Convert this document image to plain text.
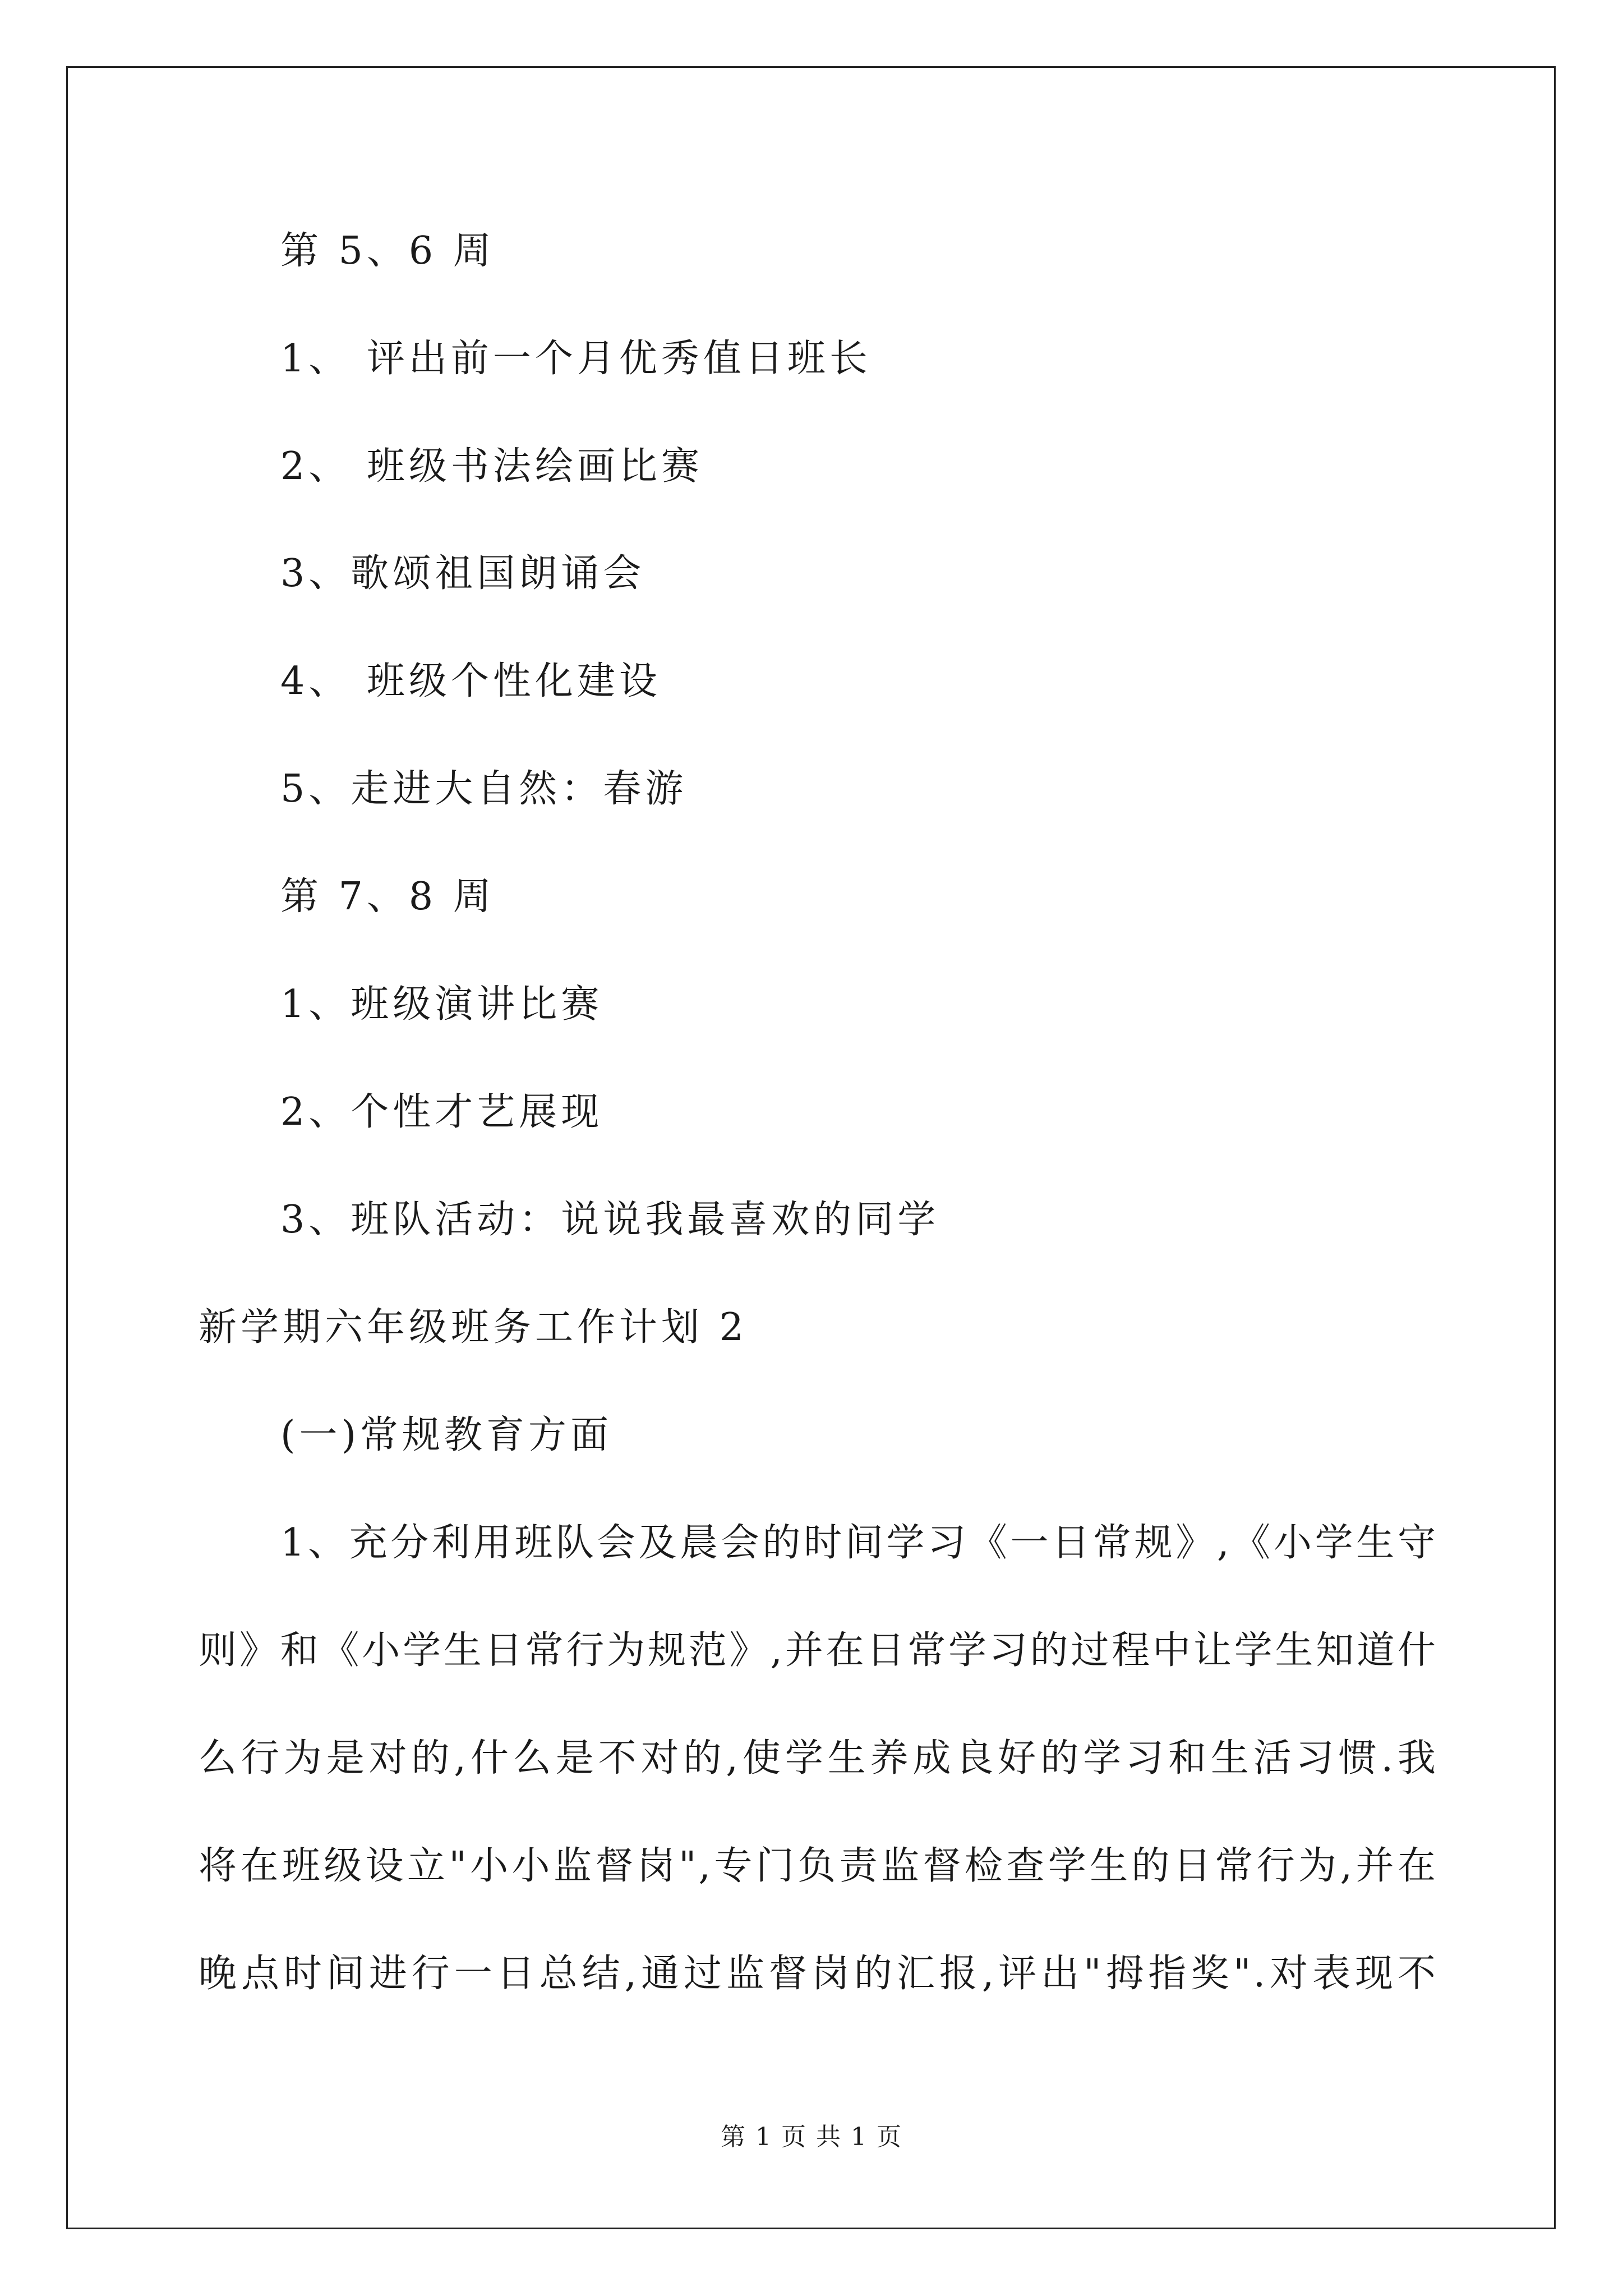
第 5、6 周

1、 评出前一个月优秀值日班长

2、 班级书法绘画比赛

3、歌颂祖国朗诵会

4、 班级个性化建设

5、走进大自然：春游

第 7、8 周

1、班级演讲比赛

2、个性才艺展现

3、班队活动：说说我最喜欢的同学

新学期六年级班务工作计划 2

(一)常规教育方面

1、充分利用班队会及晨会的时间学习《一日常规》,《小学生守

则》和《小学生日常行为规范》,并在日常学习的过程中让学生知道什

么行为是对的,什么是不对的,使学生养成良好的学习和生活习惯.我

将在班级设立"小小监督岗",专门负责监督检查学生的日常行为,并在

晚点时间进行一日总结,通过监督岗的汇报,评出"拇指奖".对表现不

第 1 页 共 1 页
